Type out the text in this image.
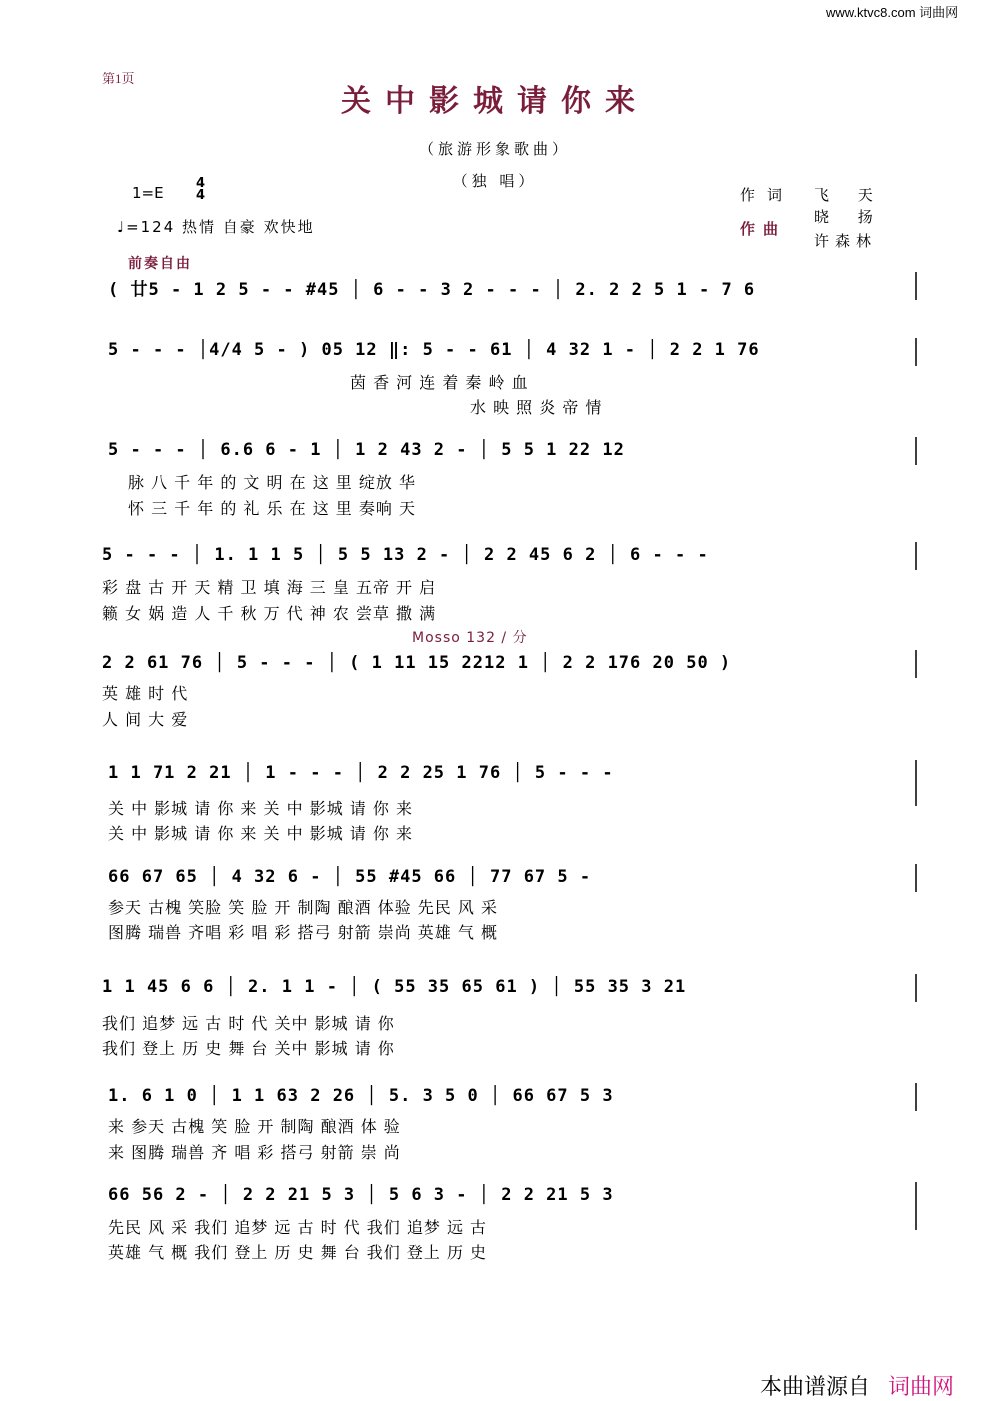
www.ktvc8.com 词曲网
第1页
关中影城请你来
（旅游形象歌曲）
（独 唱）
1=E
4
4
♩=124 热情 自豪 欢快地
作词 飞 天
作曲
晓 扬
许森林
前奏自由
Mosso 132 / 分
( 廿5 - 1 2 5 - - #45 │ 6 - - 3 2 - - - │ 2. 2 2 5 1 - 7 6
5 - - - │4/4 5 - ) 05 12 ‖: 5 - - 61 │ 4 32 1 - │ 2 2 1 76
茵 香 河 连 着 秦 岭 血
水 映 照 炎 帝 情
5 - - - │ 6.6 6 - 1 │ 1 2 43 2 - │ 5 5 1 22 12
脉 八 千 年 的 文 明 在 这 里 绽放 华
怀 三 千 年 的 礼 乐 在 这 里 奏响 天
5 - - - │ 1. 1 1 5 │ 5 5 13 2 - │ 2 2 45 6 2 │ 6 - - -
彩 盘 古 开 天 精 卫 填 海 三 皇 五帝 开 启
籁 女 娲 造 人 千 秋 万 代 神 农 尝草 撒 满
2 2 61 76 │ 5 - - - │ ( 1 11 15 2212 1 │ 2 2 176 20 50 )
英 雄 时 代
人 间 大 爱
1 1 71 2 21 │ 1 - - - │ 2 2 25 1 76 │ 5 - - -
关 中 影城 请 你 来 关 中 影城 请 你 来
关 中 影城 请 你 来 关 中 影城 请 你 来
66 67 65 │ 4 32 6 - │ 55 #45 66 │ 77 67 5 -
参天 古槐 笑脸 笑 脸 开 制陶 酿酒 体验 先民 风 采
图腾 瑞兽 齐唱 彩 唱 彩 搭弓 射箭 崇尚 英雄 气 概
1 1 45 6 6 │ 2. 1 1 - │ ( 55 35 65 61 ) │ 55 35 3 21
我们 追梦 远 古 时 代 关中 影城 请 你
我们 登上 历 史 舞 台 关中 影城 请 你
1. 6 1 0 │ 1 1 63 2 26 │ 5. 3 5 0 │ 66 67 5 3
来 参天 古槐 笑 脸 开 制陶 酿酒 体 验
来 图腾 瑞兽 齐 唱 彩 搭弓 射箭 崇 尚
66 56 2 - │ 2 2 21 5 3 │ 5 6 3 - │ 2 2 21 5 3
先民 风 采 我们 追梦 远 古 时 代 我们 追梦 远 古
英雄 气 概 我们 登上 历 史 舞 台 我们 登上 历 史
本曲谱源自 词曲网
